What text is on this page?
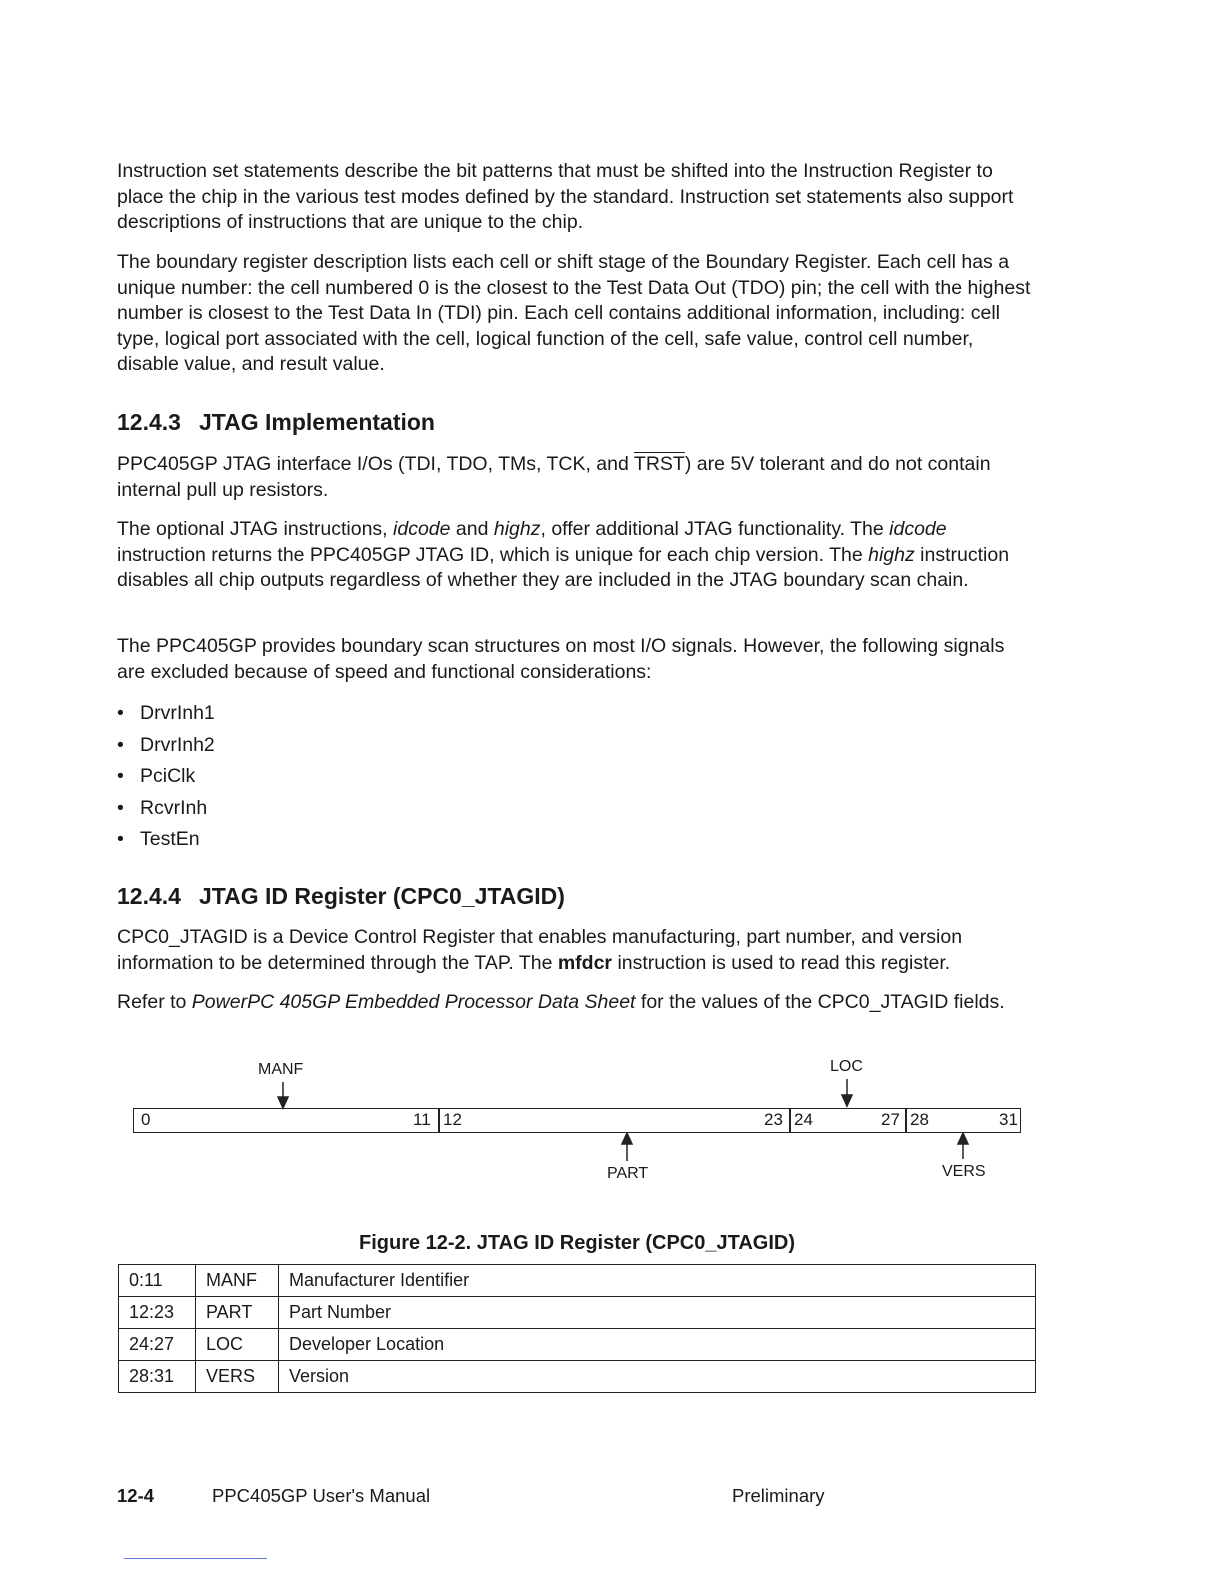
Instruction set statements describe the bit patterns that must be shifted into the Instruction Register to place the chip in the various test modes defined by the standard. Instruction set statements also support descriptions of instructions that are unique to the chip.

The boundary register description lists each cell or shift stage of the Boundary Register. Each cell has a unique number: the cell numbered 0 is the closest to the Test Data Out (TDO) pin; the cell with the highest number is closest to the Test Data In (TDI) pin. Each cell contains additional information, including: cell type, logical port associated with the cell, logical function of the cell, safe value, control cell number, disable value, and result value.

12.4.3 JTAG Implementation

PPC405GP JTAG interface I/Os (TDI, TDO, TMs, TCK, and TRST) are 5V tolerant and do not contain internal pull up resistors.

The optional JTAG instructions, idcode and highz, offer additional JTAG functionality. The idcode instruction returns the PPC405GP JTAG ID, which is unique for each chip version. The highz instruction disables all chip outputs regardless of whether they are included in the JTAG boundary scan chain.

The PPC405GP provides boundary scan structures on most I/O signals. However, the following signals are excluded because of speed and functional considerations:

• DrvrInh1
• DrvrInh2
• PciClk
• RcvrInh
• TestEn
12.4.4 JTAG ID Register (CPC0_JTAGID)

CPC0_JTAGID is a Device Control Register that enables manufacturing, part number, and version information to be determined through the TAP. The mfdcr instruction is used to read this register.

Refer to PowerPC 405GP Embedded Processor Data Sheet for the values of the CPC0_JTAGID fields.

MANF	LOC
PART	VERS
0	11 12	23 24	27 28	31
Figure 12-2. JTAG ID Register (CPC0_JTAGID)
0:11	MANF	Manufacturer Identifier
12:23	PART	Part Number
24:27	LOC	Developer Location
28:31	VERS	Version
12-4	PPC405GP User's Manual	Preliminary
